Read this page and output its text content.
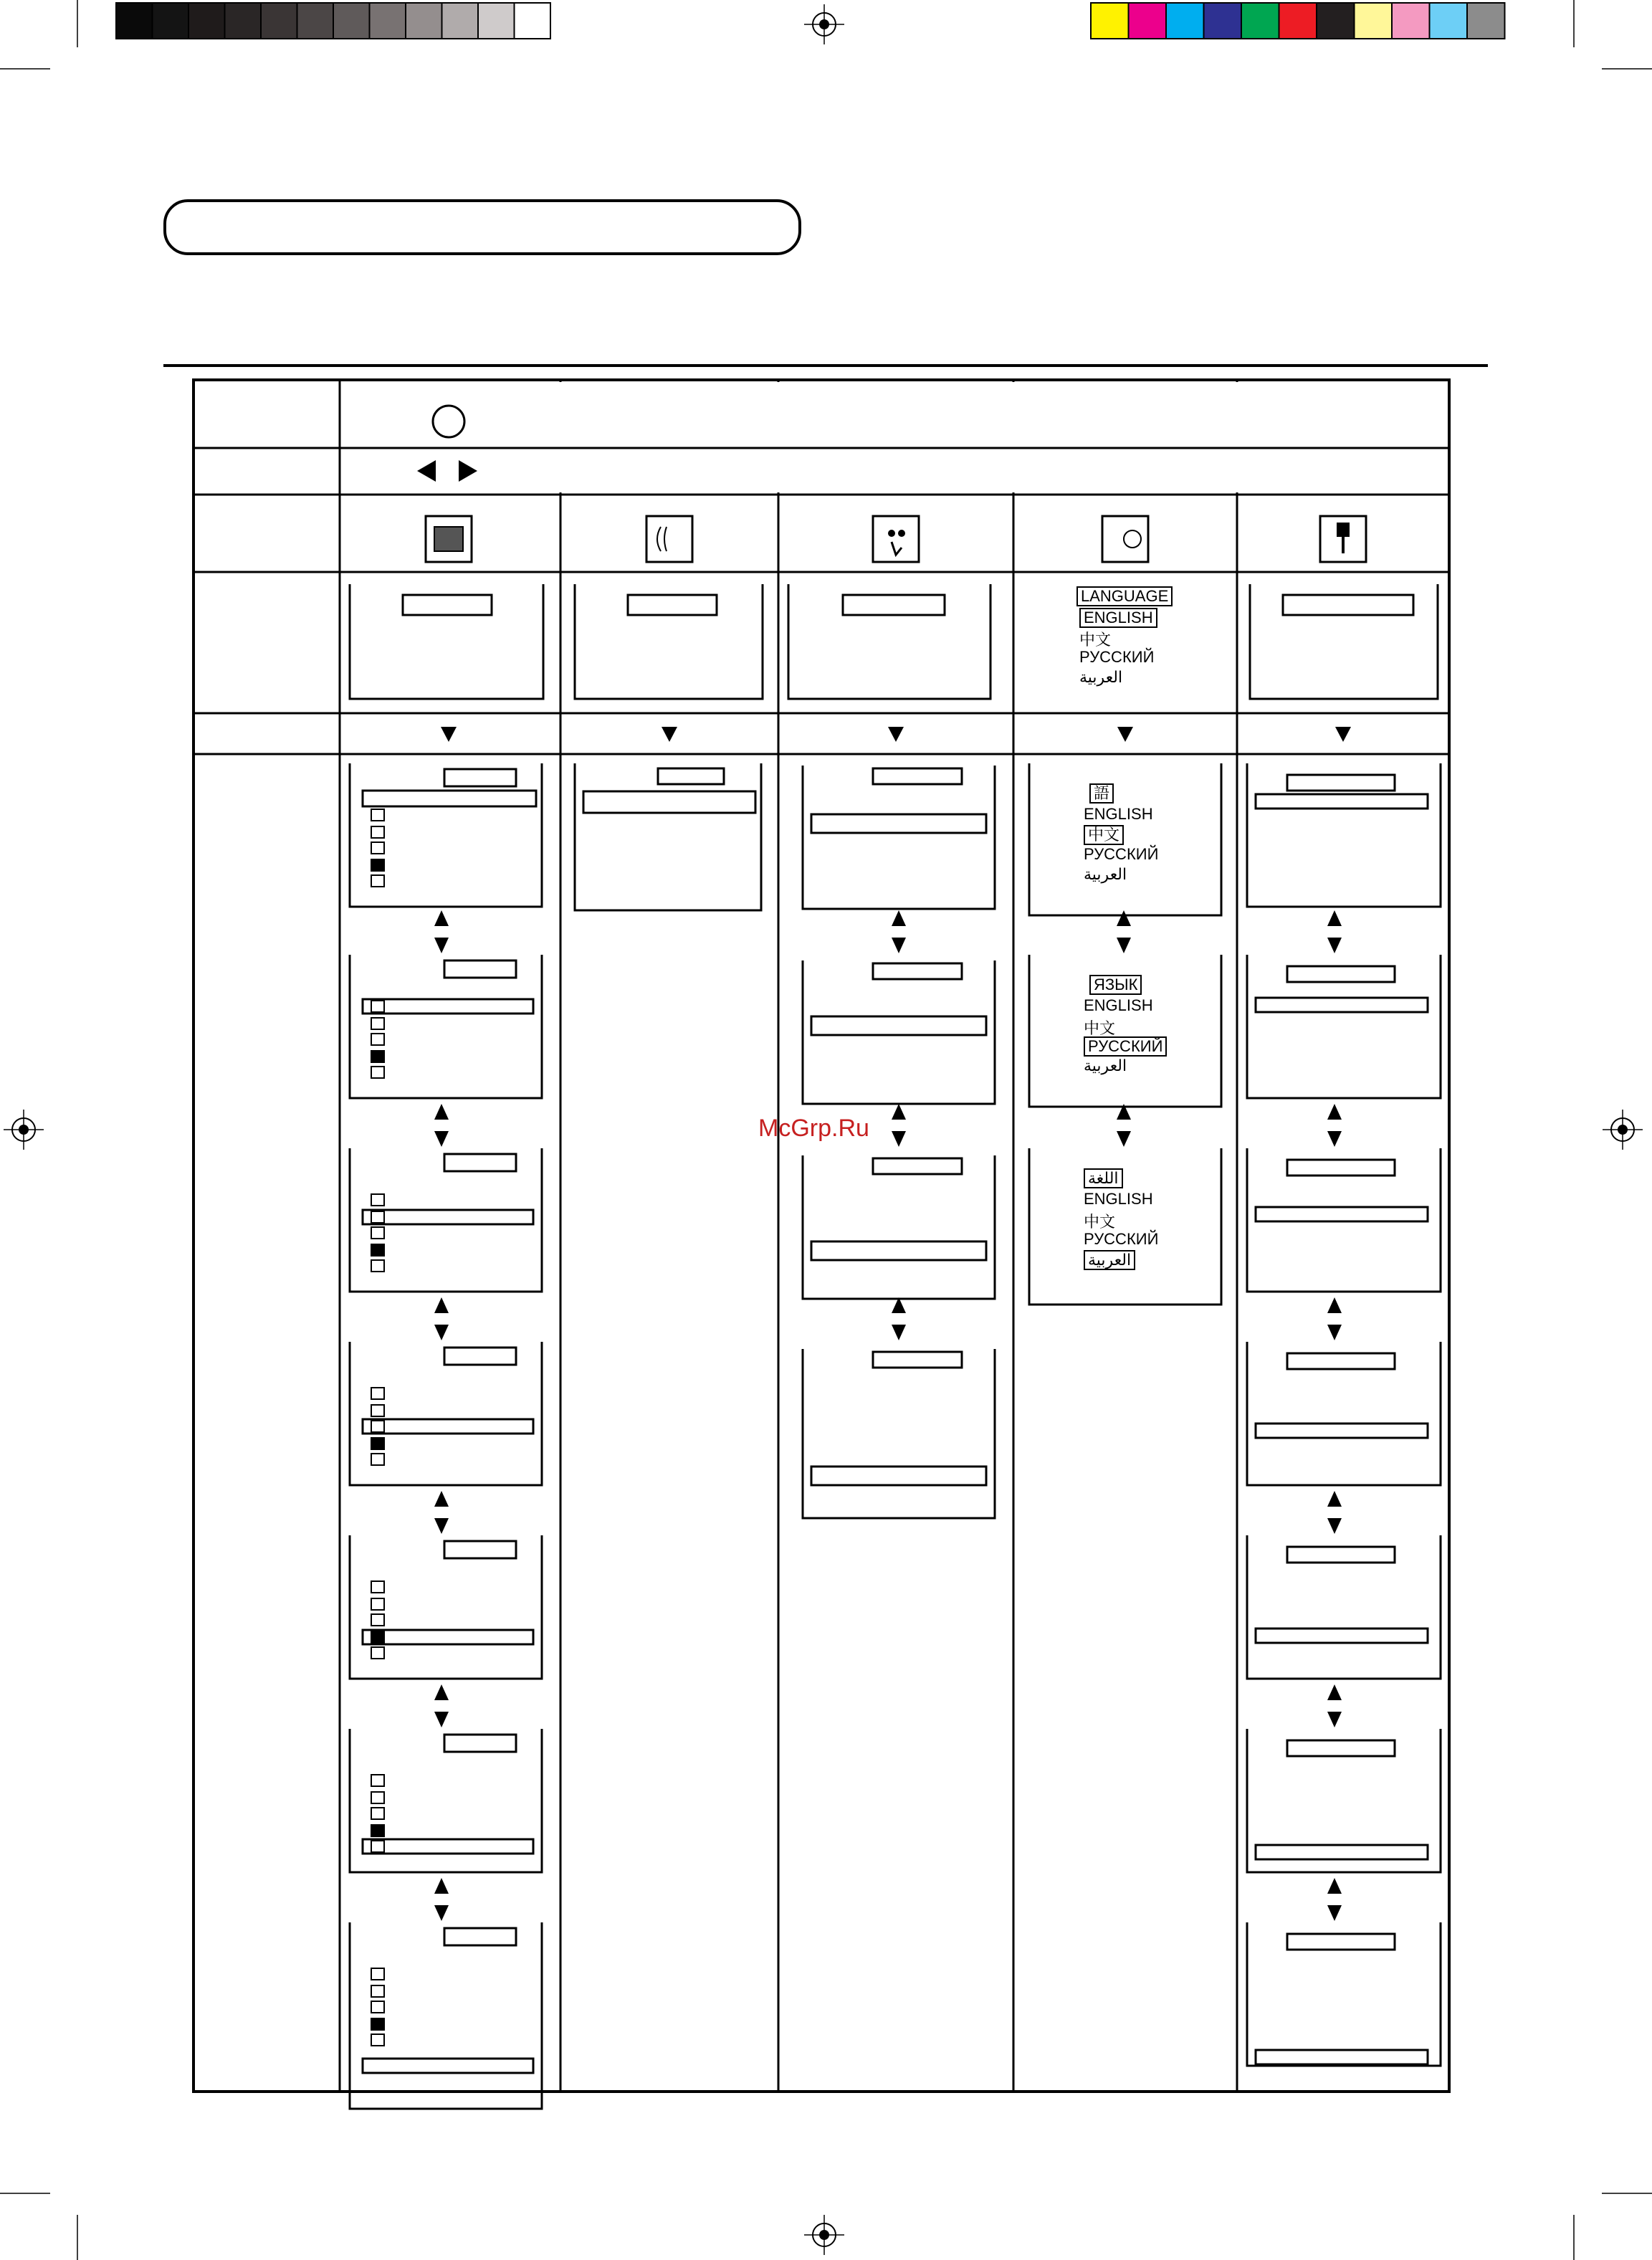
McGrp.Ru
LANGUAGE
ENGLISH
中文
РУССКИЙ
العربية
語
ENGLISH
中文
РУССКИЙ
العربية
ЯЗЫК
ENGLISH
中文
РУССКИЙ
العربية
اللغة
ENGLISH
中文
РУССКИЙ
العربية
